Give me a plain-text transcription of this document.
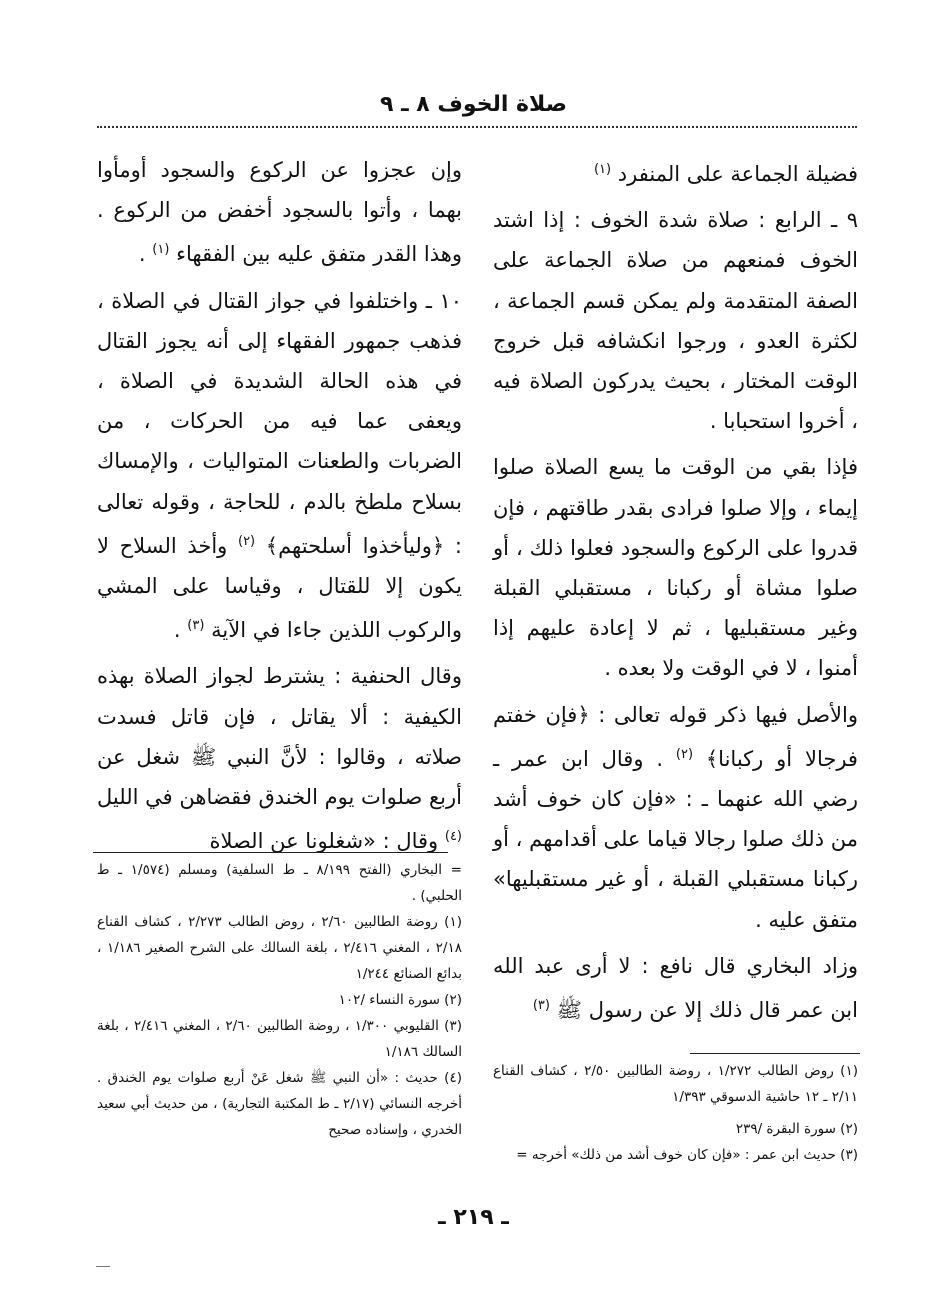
صلاة الخوف ٨ ـ ٩

فضيلة الجماعة على المنفرد $^{(١)}$

٩ ـ الرابع : صلاة شدة الخوف : إذا اشتد الخوف فمنعهم من صلاة الجماعة على الصفة المتقدمة ولم يمكن قسم الجماعة ، لكثرة العدو ، ورجوا انكشافه قبل خروج الوقت المختار ، بحيث يدركون الصلاة فيه ، أخروا استحبابا .

فإذا بقي من الوقت ما يسع الصلاة صلوا إيماء ، وإلا صلوا فرادى بقدر طاقتهم ، فإن قدروا على الركوع والسجود فعلوا ذلك ، أو صلوا مشاة أو ركبانا ، مستقبلي القبلة وغير مستقبليها ، ثم لا إعادة عليهم إذا أمنوا ، لا في الوقت ولا بعده .

والأصل فيها ذكر قوله تعالى : ﴿فإن خفتم فرجالا أو ركبانا﴾ $^{(٢)}$ . وقال ابن عمر ـ رضي الله عنهما ـ : «فإن كان خوف أشد من ذلك صلوا رجالا قياما على أقدامهم ، أو ركبانا مستقبلي القبلة ، أو غير مستقبليها» متفق عليه .

وزاد البخاري قال نافع : لا أرى عبد الله ابن عمر قال ذلك إلا عن رسول ﷺ $^{(٣)}$

وإن عجزوا عن الركوع والسجود أومأوا بهما ، وأتوا بالسجود أخفض من الركوع . وهذا القدر متفق عليه بين الفقهاء $^{(١)}$ .

١٠ ـ واختلفوا في جواز القتال في الصلاة ، فذهب جمهور الفقهاء إلى أنه يجوز القتال في هذه الحالة الشديدة في الصلاة ، ويعفى عما فيه من الحركات ، من الضربات والطعنات المتواليات ، والإمساك بسلاح ملطخ بالدم ، للحاجة ، وقوله تعالى : ﴿وليأخذوا أسلحتهم﴾ $^{(٢)}$ وأخذ السلاح لا يكون إلا للقتال ، وقياسا على المشي والركوب اللذين جاءا في الآية $^{(٣)}$ .

وقال الحنفية : يشترط لجواز الصلاة بهذه الكيفية : ألا يقاتل ، فإن قاتل فسدت صلاته ، وقالوا : لأنَّ النبي ﷺ شغل عن أربع صلوات يوم الخندق فقضاهن في الليل $^{(٤)}$ وقال : «شغلونا عن الصلاة

(١) روض الطالب ١/٢٧٢ ، روضة الطالبين ٢/٥٠ ، كشاف القناع ٢/١١ ـ ١٢ حاشية الدسوقي ١/٣٩٣

(٢) سورة البقرة /٢٣٩

(٣) حديث ابن عمر : «فإن كان خوف أشد من ذلك» أخرجه =

= البخاري (الفتح ٨/١٩٩ ـ ط السلفية) ومسلم (١/٥٧٤ ـ ط الحلبي) .

(١) روضة الطالبين ٢/٦٠ ، روض الطالب ٢/٢٧٣ ، كشاف القناع ٢/١٨ ، المغني ٢/٤١٦ ، بلغة السالك على الشرح الصغير ١/١٨٦ ، بدائع الصنائع ١/٢٤٤

(٢) سورة النساء /١٠٢

(٣) القليوبي ١/٣٠٠ ، روضة الطالبين ٢/٦٠ ، المغني ٢/٤١٦ ، بلغة السالك ١/١٨٦

(٤) حديث : «أن النبي ﷺ شغل عَنْ أربع صلوات يوم الخندق . أخرجه النسائي (٢/١٧ ـ ط المكتبة التجارية) ، من حديث أبي سعيد الخدري ، وإسناده صحيح

ـ ٢١٩ ـ
